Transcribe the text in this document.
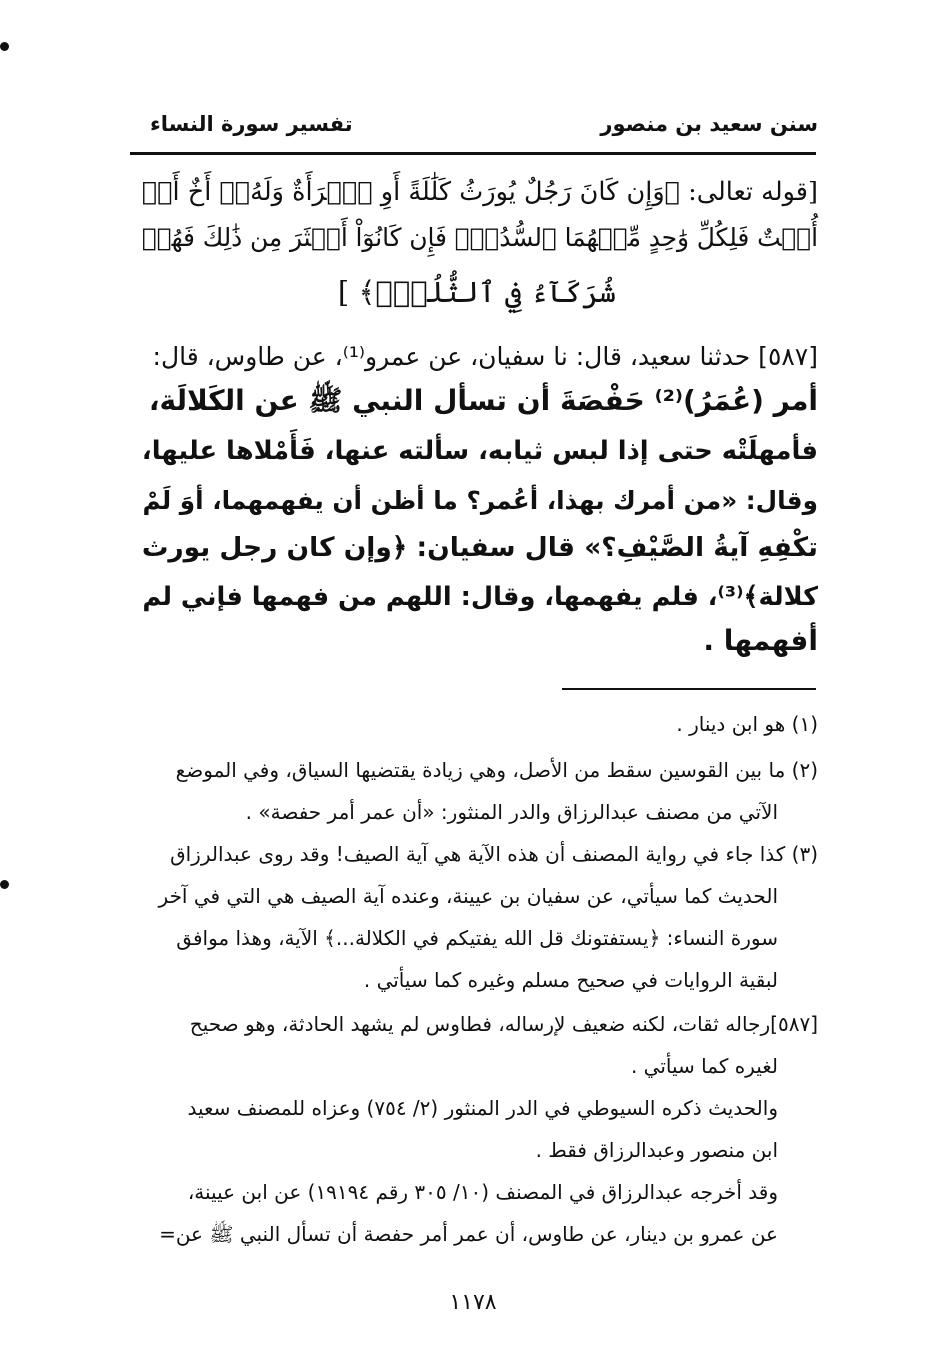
سنن سعيد بن منصور
تفسير سورة النساء
[قوله تعالى: ﴿وَإِن كَانَ رَجُلٌ يُورَثُ كَلَٰلَةً أَوِ ٱمۡرَأَةٌ وَلَهُۥٓ أَخٌ أَوۡ
أُخۡتٌ فَلِكُلِّ وَٰحِدٍ مِّنۡهُمَا ٱلسُّدُسُۚ فَإِن كَانُوٓاْ أَكۡثَرَ مِن ذَٰلِكَ فَهُمۡ
شُرَكَآءُ فِي ٱلثُّلُثِۚ﴾ ]
[٥٨٧] حدثنا سعيد، قال: نا سفيان، عن عمرو⁽¹⁾، عن طاوس، قال:
أمر (عُمَرُ)⁽²⁾ حَفْصَةَ أن تسأل النبي ﷺ عن الكَلالَة،
فأمهلَتْه حتى إذا لبس ثيابه، سألته عنها، فَأَمْلاها عليها،
وقال: «من أمرك بهذا، أعُمر؟ ما أظن أن يفهمهما، أوَ لَمْ
تكْفِهِ آيةُ الصَّيْفِ؟» قال سفيان: ﴿وإن كان رجل يورث
كلالة﴾⁽³⁾، فلم يفهمها، وقال: اللهم من فهمها فإني لم
أفهمها .
(١) هو ابن دينار .
(٢) ما بين القوسين سقط من الأصل، وهي زيادة يقتضيها السياق، وفي الموضع
الآتي من مصنف عبدالرزاق والدر المنثور: «أن عمر أمر حفصة» .
(٣) كذا جاء في رواية المصنف أن هذه الآية هي آية الصيف! وقد روى عبدالرزاق
الحديث كما سيأتي، عن سفيان بن عيينة، وعنده آية الصيف هي التي في آخر
سورة النساء: ﴿يستفتونك قل الله يفتيكم في الكلالة...﴾ الآية، وهذا موافق
لبقية الروايات في صحيح مسلم وغيره كما سيأتي .
[٥٨٧]رجاله ثقات، لكنه ضعيف لإرساله، فطاوس لم يشهد الحادثة، وهو صحيح
لغيره كما سيأتي .
والحديث ذكره السيوطي في الدر المنثور (٢/ ٧٥٤) وعزاه للمصنف سعيد
ابن منصور وعبدالرزاق فقط .
وقد أخرجه عبدالرزاق في المصنف (١٠/ ٣٠٥ رقم ١٩١٩٤) عن ابن عيينة،
عن عمرو بن دينار، عن طاوس، أن عمر أمر حفصة أن تسأل النبي ﷺ عن=
١١٧٨
